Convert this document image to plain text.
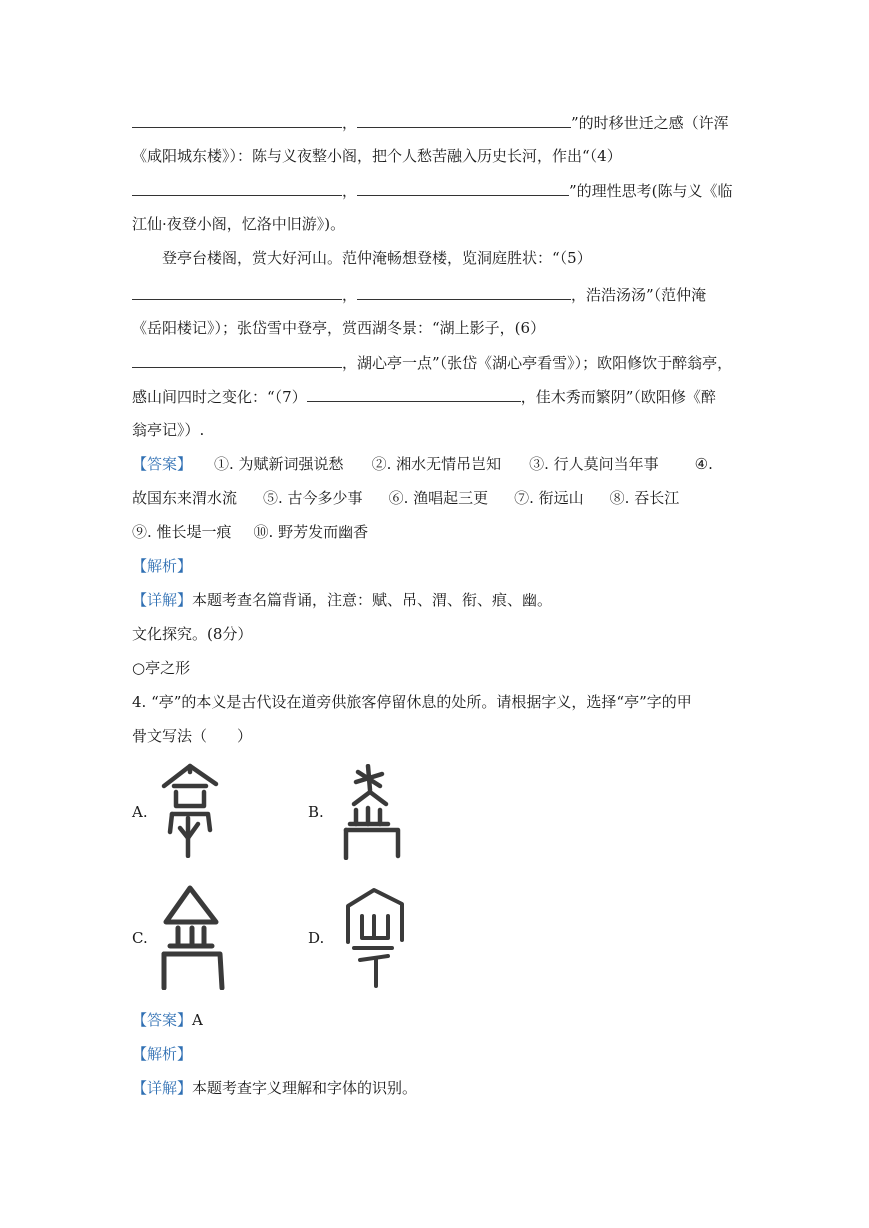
，	”的时移世迁之感（许浑
《咸阳城东楼》）：陈与义夜整小阁，把个人愁苦融入历史长河，作出“（4）
，	”的理性思考(陈与义《临
江仙·夜登小阁，忆洛中旧游》)。
登亭台楼阁，赏大好河山。范仲淹畅想登楼，览洞庭胜状：“（5）
，	，浩浩汤汤”（范仲淹
《岳阳楼记》）；张岱雪中登亭，赏西湖冬景：“湖上影子，(6）
，湖心亭一点”（张岱《湖心亭看雪》）；欧阳修饮于醉翁亭，
感山间四时之变化：“（7）	，佳木秀而繁阴”（欧阳修《醉
翁亭记》）.
【答案】 ①. 为赋新词强说愁 ②. 湘水无情吊岂知 ③. 行人莫问当年事 ④.
故国东来渭水流 ⑤. 古今多少事 ⑥. 渔唱起三更 ⑦. 衔远山 ⑧. 吞长江
⑨. 惟长堤一痕 ⑩. 野芳发而幽香
【解析】
【详解】本题考查名篇背诵，注意：赋、吊、渭、衔、痕、幽。
文化探究。(8分）
○亭之形
4. “亭”的本义是古代设在道旁供旅客停留休息的处所。请根据字义，选择“亭”字的甲
骨文写法（　　）
A.	B.
C.	D.
【答案】A
【解析】
【详解】本题考查字义理解和字体的识别。
